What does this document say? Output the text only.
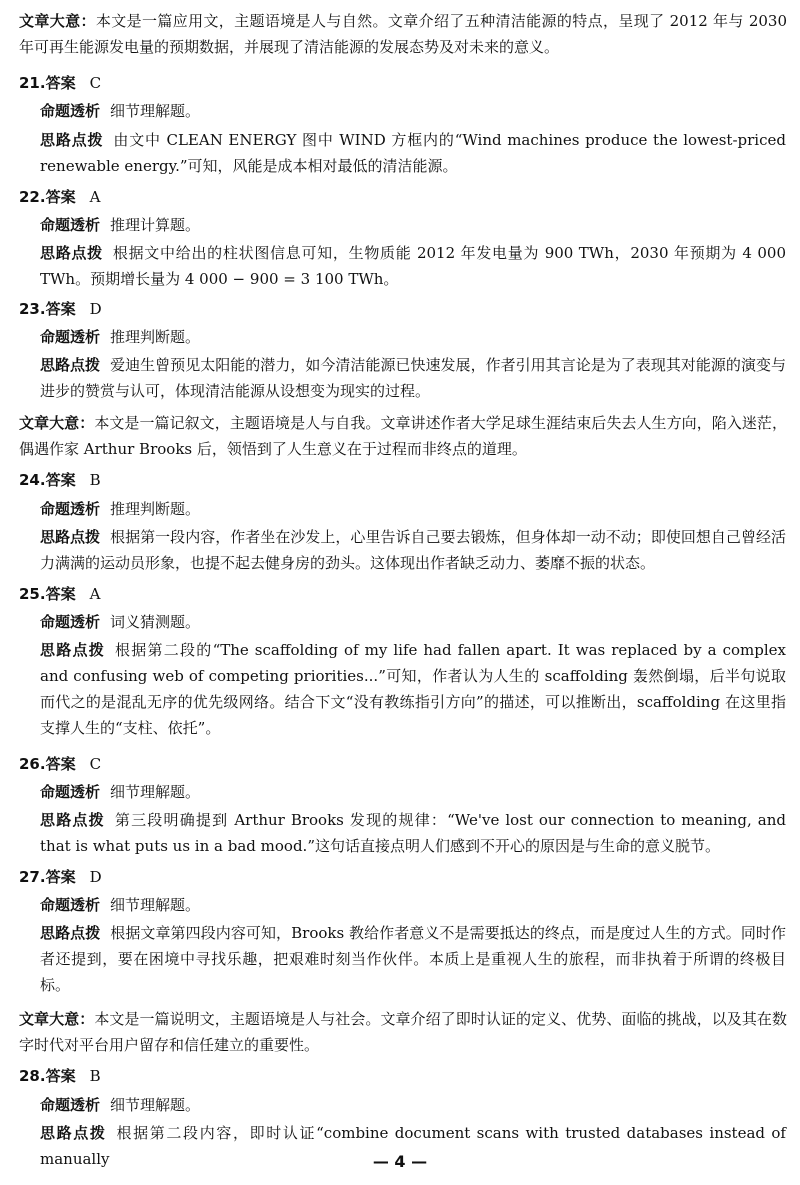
文章大意：本文是一篇应用文，主题语境是人与自然。文章介绍了五种清洁能源的特点，呈现了 2012 年与 2030 年可再生能源发电量的预期数据，并展现了清洁能源的发展态势及对未来的意义。
21.答案 C
命题透析 细节理解题。
思路点拨 由文中 CLEAN ENERGY 图中 WIND 方框内的“Wind machines produce the lowest-priced renewable energy.”可知，风能是成本相对最低的清洁能源。
22.答案 A
命题透析 推理计算题。
思路点拨 根据文中给出的柱状图信息可知，生物质能 2012 年发电量为 900 TWh，2030 年预期为 4 000 TWh。预期增长量为 4 000 − 900 = 3 100 TWh。
23.答案 D
命题透析 推理判断题。
思路点拨 爱迪生曾预见太阳能的潜力，如今清洁能源已快速发展，作者引用其言论是为了表现其对能源的演变与进步的赞赏与认可，体现清洁能源从设想变为现实的过程。
文章大意：本文是一篇记叙文，主题语境是人与自我。文章讲述作者大学足球生涯结束后失去人生方向，陷入迷茫，偶遇作家 Arthur Brooks 后，领悟到了人生意义在于过程而非终点的道理。
24.答案 B
命题透析 推理判断题。
思路点拨 根据第一段内容，作者坐在沙发上，心里告诉自己要去锻炼，但身体却一动不动；即使回想自己曾经活力满满的运动员形象，也提不起去健身房的劲头。这体现出作者缺乏动力、萎靡不振的状态。
25.答案 A
命题透析 词义猜测题。
思路点拨 根据第二段的“The scaffolding of my life had fallen apart. It was replaced by a complex and confusing web of competing priorities...”可知，作者认为人生的 scaffolding 轰然倒塌，后半句说取而代之的是混乱无序的优先级网络。结合下文“没有教练指引方向”的描述，可以推断出，scaffolding 在这里指支撑人生的“支柱、依托”。
26.答案 C
命题透析 细节理解题。
思路点拨 第三段明确提到 Arthur Brooks 发现的规律：“We've lost our connection to meaning, and that is what puts us in a bad mood.”这句话直接点明人们感到不开心的原因是与生命的意义脱节。
27.答案 D
命题透析 细节理解题。
思路点拨 根据文章第四段内容可知，Brooks 教给作者意义不是需要抵达的终点，而是度过人生的方式。同时作者还提到，要在困境中寻找乐趣，把艰难时刻当作伙伴。本质上是重视人生的旅程，而非执着于所谓的终极目标。
文章大意：本文是一篇说明文，主题语境是人与社会。文章介绍了即时认证的定义、优势、面临的挑战，以及其在数字时代对平台用户留存和信任建立的重要性。
28.答案 B
命题透析 细节理解题。
思路点拨 根据第二段内容，即时认证“combine document scans with trusted databases instead of manually	— 4 —
